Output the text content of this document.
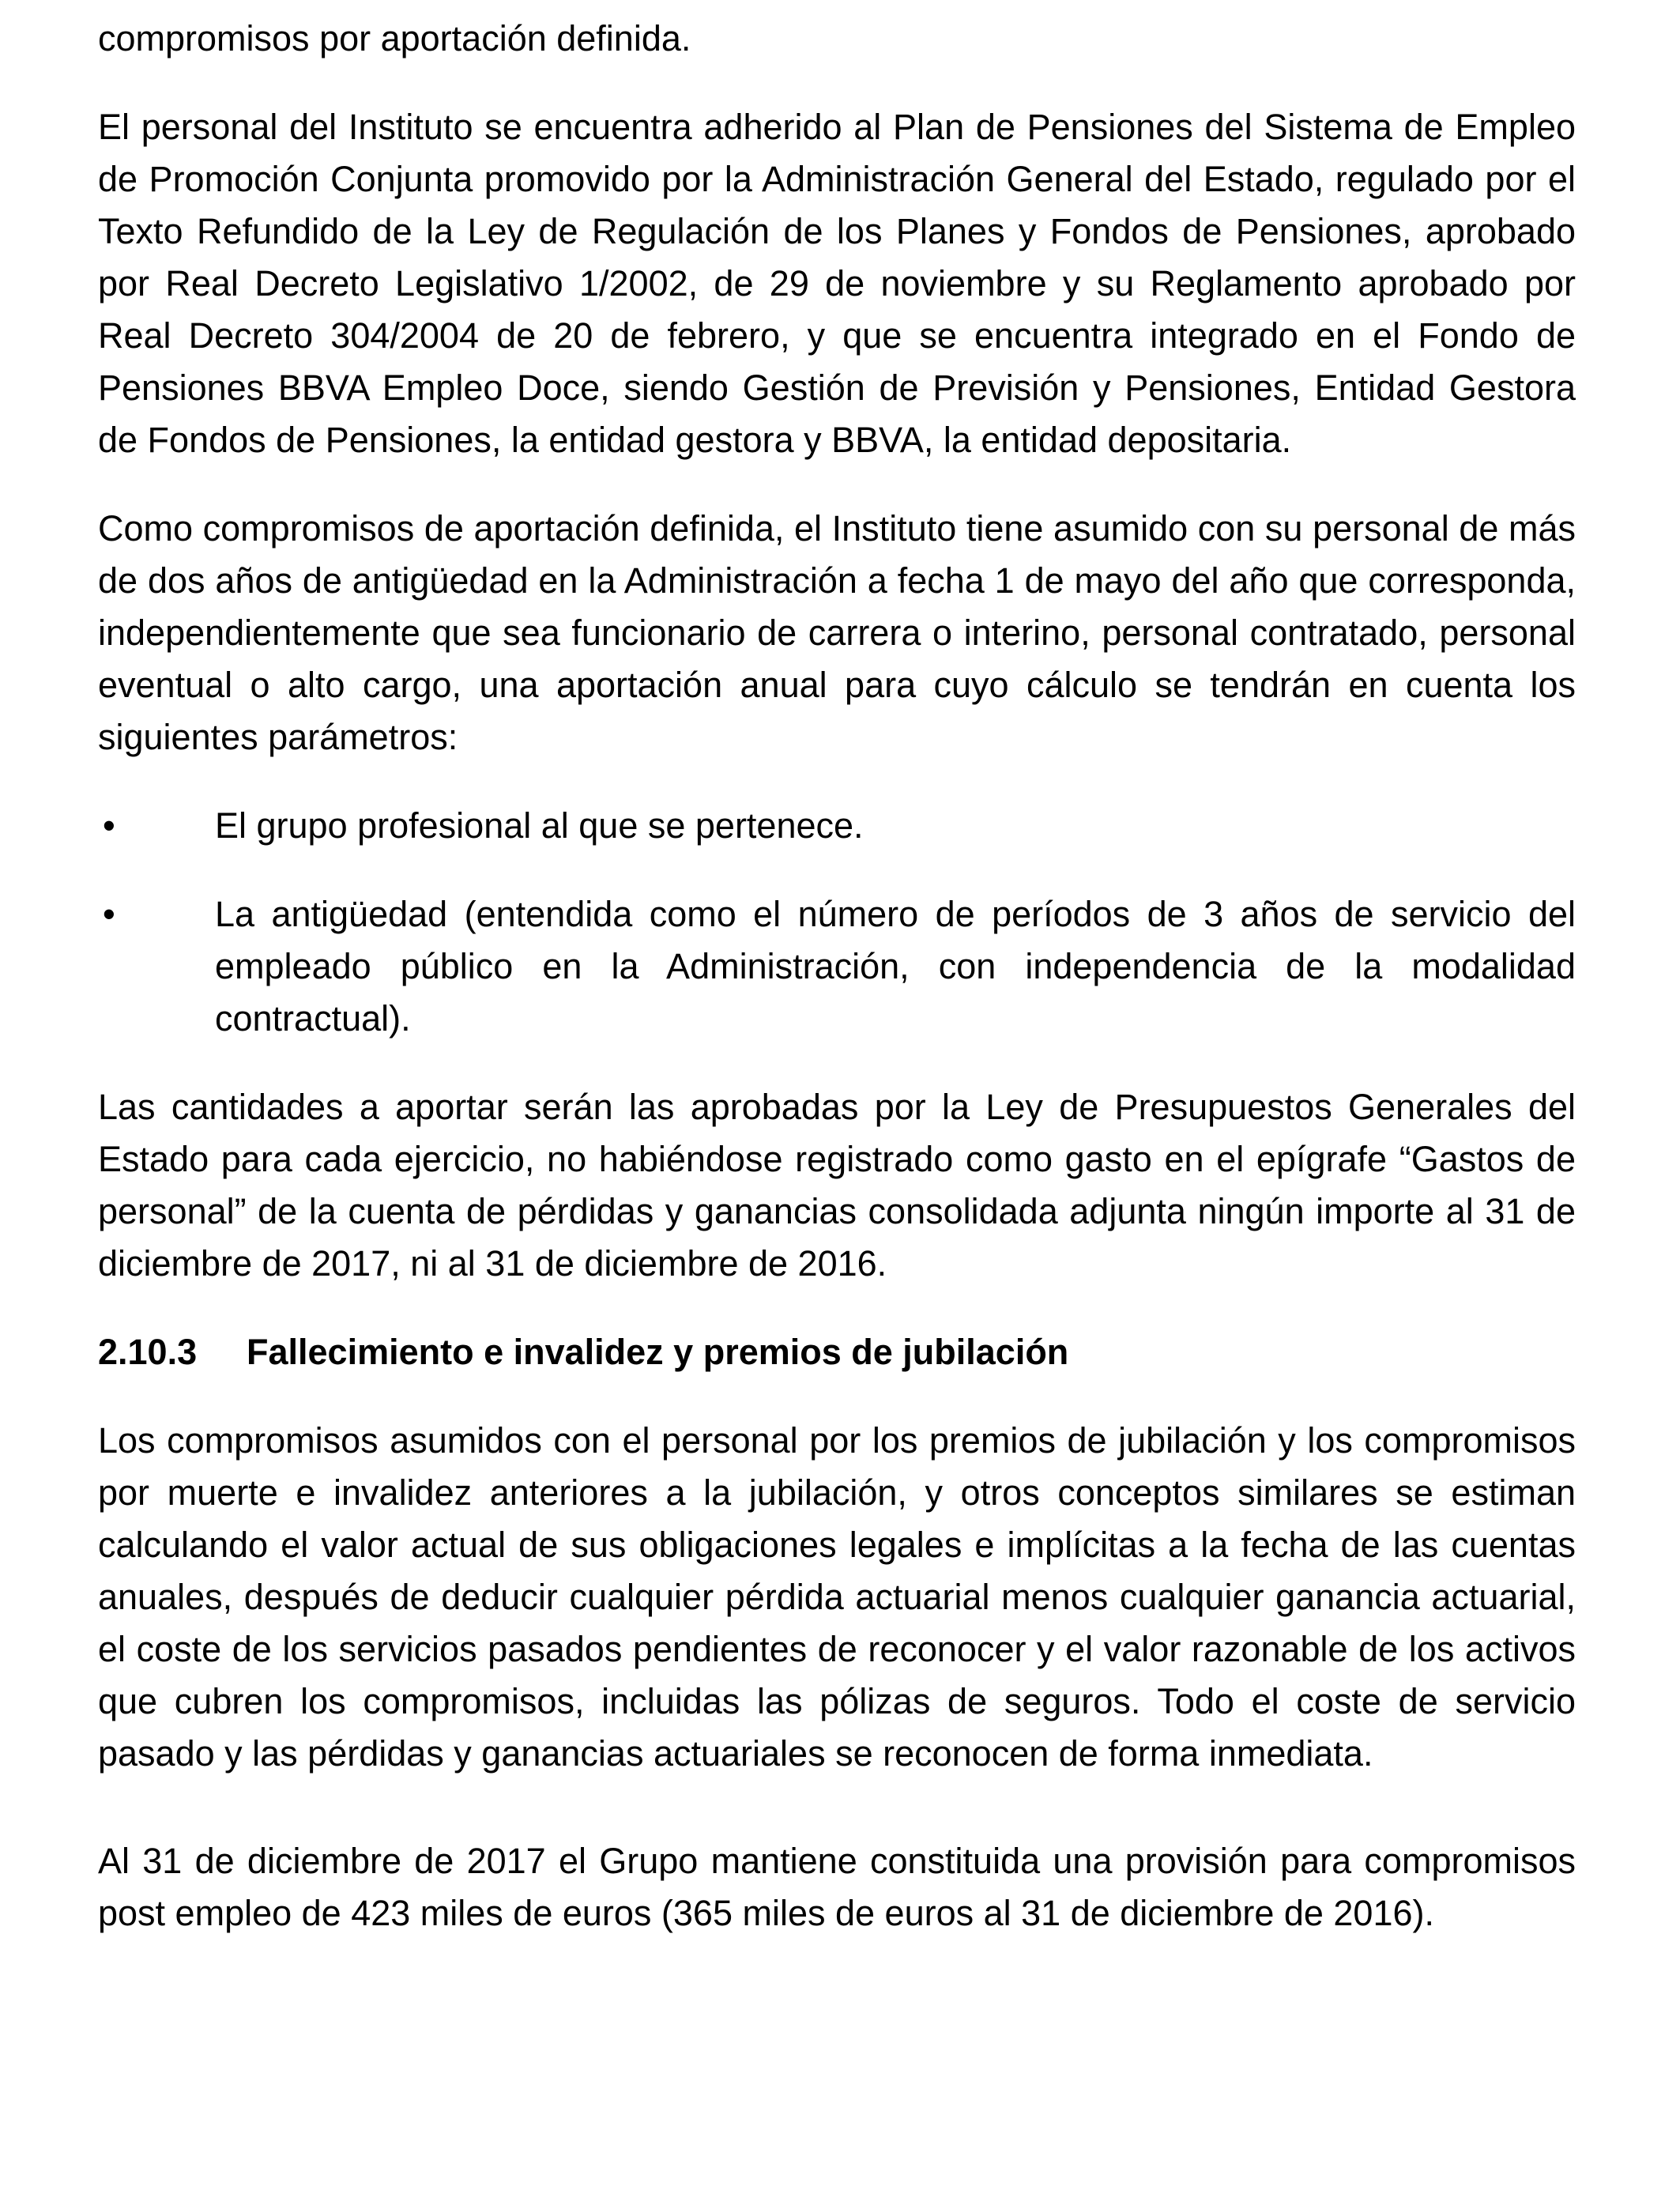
compromisos por aportación definida.

El personal del Instituto se encuentra adherido al Plan de Pensiones del Sistema de Empleo de Promoción Conjunta promovido por la Administración General del Estado, regulado por el Texto Refundido de la Ley de Regulación de los Planes y Fondos de Pensiones, aprobado por Real Decreto Legislativo 1/2002, de 29 de noviembre y su Reglamento aprobado por Real Decreto 304/2004 de 20 de febrero, y que se encuentra integrado en el Fondo de Pensiones BBVA Empleo Doce, siendo Gestión de Previsión y Pensiones, Entidad Gestora de Fondos de Pensiones, la entidad gestora y BBVA, la entidad depositaria.

Como compromisos de aportación definida, el Instituto tiene asumido con su personal de más de dos años de antigüedad en la Administración a fecha 1 de mayo del año que corresponda, independientemente que sea funcionario de carrera o interino, personal contratado, personal eventual o alto cargo, una aportación anual para cuyo cálculo se tendrán en cuenta los siguientes parámetros:

•	El grupo profesional al que se pertenece.
•	La antigüedad (entendida como el número de períodos de 3 años de servicio del empleado público en la Administración, con independencia de la modalidad contractual).

Las cantidades a aportar serán las aprobadas por la Ley de Presupuestos Generales del Estado para cada ejercicio, no habiéndose registrado como gasto en el epígrafe “Gastos de personal” de la cuenta de pérdidas y ganancias consolidada adjunta ningún importe al 31 de diciembre de 2017, ni al 31 de diciembre de 2016.

2.10.3 Fallecimiento e invalidez y premios de jubilación

Los compromisos asumidos con el personal por los premios de jubilación y los compromisos por muerte e invalidez anteriores a la jubilación, y otros conceptos similares se estiman calculando el valor actual de sus obligaciones legales e implícitas a la fecha de las cuentas anuales, después de deducir cualquier pérdida actuarial menos cualquier ganancia actuarial, el coste de los servicios pasados pendientes de reconocer y el valor razonable de los activos que cubren los compromisos, incluidas las pólizas de seguros. Todo el coste de servicio pasado y las pérdidas y ganancias actuariales se reconocen de forma inmediata.

Al 31 de diciembre de 2017 el Grupo mantiene constituida una provisión para compromisos post empleo de 423 miles de euros (365 miles de euros al 31 de diciembre de 2016).
